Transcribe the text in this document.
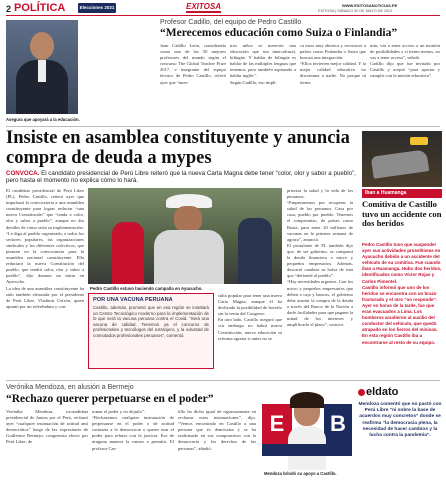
2 POLÍTICA	Elecciones 2021	EXITOSA	WWW.EXITOSANOTICIAS.PE
EXITOSA | SÁBADO 30 DE MAYO DE 2021
Asegura que apoyará a la educación.
Profesor Cadillo, del equipo de Pedro Castillo
“Merecemos educación como Suiza o Finlandia”
Juan Cadillo León, considerado como uno de los 50 mejores profesores del mundo según el concurso The Global Teacher Prize 2017, e integrante del equipo técnico de Pedro Castillo, refirió ayer que “nues-
tros niños se merecen una educación que sea intercultural, bilingüe. Y hablar de bilingüe es hablar de las múltiples lenguas que tenemos, pero también aspirando a hablar inglés”.
Según Cadillo, eso impli-
ca estar muy abiertos y reconocer a países como Finlandia o Suiza que buscan una integración.
“Ellos invierten mejor calidad. Y la mejor calidad educativa no discrimina a nadie. No porque tú tienes
más, vas a tener acceso a un montón de posibilidades y si tienes menos, no vas a tener acceso”, señaló.
Cadillo dijo que fue invitado por Castillo y aceptó “para aportar y cumplir con la misión educativa”.
Insiste en asamblea constituyente y anuncia compra de deuda a mypes
CONVOCA. El candidato presidencial de Perú Libre reiteró que la nueva Carta Magna debe tener “color, olor y sabor a pueblo”, pero hasta el momento no explica cómo lo hará.
El candidato presidencial de Perú Libre (PL), Pedro Castillo, reiteró ayer que impulsará la convocatoria a una asamblea constituyente para lograr redactar “una nueva Constitución” que “tenda a color, olor y sabor a pueblo”, aunque no dio detalles de cómo sería su implementación.
“Le diga al pueblo organizado, a todos los sectores populares, las organizaciones sindicales y los diferentes colectivos, que piensen en la convocatoria para la asamblea nacional constituyente. Ella redactará la nueva Constitución del pueblo, que tendrá color, olor y sabor a pueblo”, dijo durante un mitin en Ayacucho.
La idea de una asamblea constituyente ha sido también esbozada por el presidente de Perú Libre, Vladimir Cerrón, quien apuntó por un referéndum y con-
Pedro Castillo estuvo haciendo campaña en Ayacucho.
POR UNA VACUNA PERUANA
Castillo, además, prometió que en esa región se instalará un Centro Tecnológico moderno para la implementación de lo que será la vacuna peruana contra el Covid. “Será una vacuna de calidad. Tenemos ya el concurso de profesionales y tecnólogos del extranjero, y la voluntad de connotados profesionales peruanos”, comentó.
sulta popular para tener una nueva Carta Magna, aunque él ha deslizado la posibilidad de hacerlo sin la venia del Congreso.
En otro lado, Castillo aseguró que «in embargo no habrá nueva Constitución, nueva educación ni reforma agraria si antes no se
prioriza la salud y la vida de los peruanos.
“Empezaremos por recuperar la salud de los peruanos. Casa por casa, pueblo por pueblo. Tenemos el compromiso, de países como Rusia, para tener 20 millones de vacunas en la primera semana de agosto”, anunció.
El postulante de PL también dijo que, de ser gobierno, se comprará la deuda financiera a micro y pequeños empresarios. Además, descartó cambiar su bolsa de ruta que “defiende al pueblo”.
“Hay necesidades urgentes. Con los micro y pequeños empresarios que deben a caja y bancos, el gobierno debe asumir la compra de la deuda a través del Banco de la Nación a darle facilidades para que paguen la mitad de los intereses y amplificarle el plazo”, sostuvo.
Iban a Huamanga
Comitiva de Castillo tuvo un accidente con dos heridos
Pedro Castillo tuvo que suspender ayer sus actividades proselitistas en Ayacucho debido a un accidente del vehículo de su comitiva. Fue cuando iban a Huamanga. Hubo dos heridos, identificados como Víctor Rojas y Carlos Pimentel.
Castillo informó que uno de los heridos se encuentra con un brazo fracturado y el otro “no responde”. Ayer en horas de la tarde, fue que eran evacuados a Lima. Los bomberos acudieron al auxilio del conductor del vehículo, que quedó atrapado en los fierros del minivan. En esta región Castillo iba a encontrarse al resto de su equipo.
Verónika Mendoza, en alusión a Bermejo
“Rechazo querer perpetuarse en el poder”
Verónika Mendoza, excandidata presidencial de Juntos por el Perú, rechazó ayer “cualquier insinuación de actitud anti democrática” luego de las expresiones de Guillermo Bermejo, congresista electo por Perú Libre, de
tomar el poder y no dejarlo”.
“Rechazamos cualquier insinuación de perpetuarse en el poder o de actitud contraria a la democracia o querer usar el poder para refutar con la justicia. Eso de ninguna manera la vamos a permitir. El profesor Cas-
tillo ha dicho igual de rigurosamente en rechazar estas insinuaciones”, dijo. “Vemos encontrado en Castillo a una persona que es demócrata y se ha reafirmado en sus compromisos con la democracia y los derechos de las personas”, añadió.
E	B
Mendoza brindó su apoyo a Castillo.
eldato
Mendoza comentó que no pactó con Perú Libre “ni sobre la base de acuerdos muy concretos” donde se reafirma “la democracia plena, la necesidad de hacer cambios y la lucha contra la pandemia”.
